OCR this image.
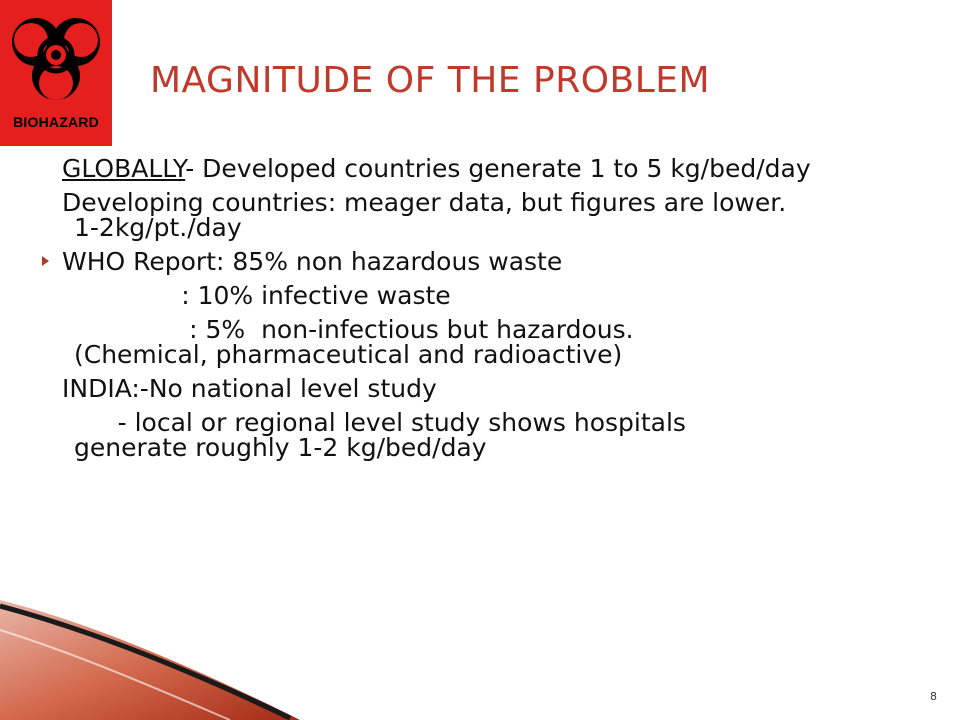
BIOHAZARD
MAGNITUDE OF THE PROBLEM

GLOBALLY- Developed countries generate 1 to 5 kg/bed/day

Developing countries: meager data, but figures are lower.                    1-2kg/pt./day

WHO Report: 85% non hazardous waste

: 10% infective waste

: 5%  non-infectious but hazardous.                    (Chemical, pharmaceutical and radioactive)

INDIA:-No national level study

- local or regional level study shows hospitals              generate roughly 1-2 kg/bed/day

8
